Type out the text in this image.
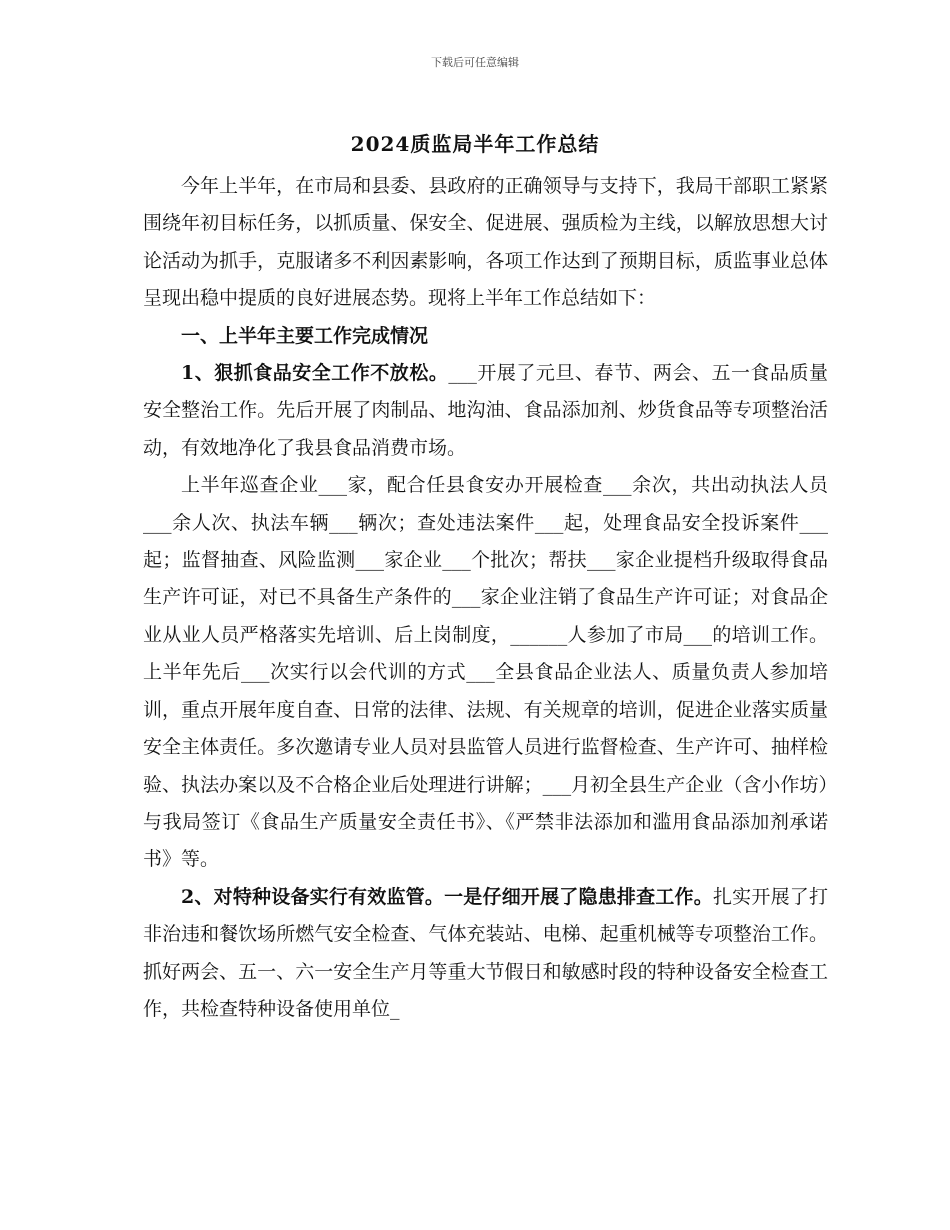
下载后可任意编辑
2024质监局半年工作总结

今年上半年，在市局和县委、县政府的正确领导与支持下，我局干部职工紧紧围绕年初目标任务，以抓质量、保安全、促进展、强质检为主线，以解放思想大讨论活动为抓手，克服诸多不利因素影响，各项工作达到了预期目标，质监事业总体呈现出稳中提质的良好进展态势。现将上半年工作总结如下：

一、上半年主要工作完成情况

1、狠抓食品安全工作不放松。___开展了元旦、春节、两会、五一食品质量安全整治工作。先后开展了肉制品、地沟油、食品添加剂、炒货食品等专项整治活动，有效地净化了我县食品消费市场。

上半年巡查企业___家，配合任县食安办开展检查___余次，共出动执法人员___余人次、执法车辆___辆次；查处违法案件___起，处理食品安全投诉案件___起；监督抽查、风险监测___家企业___个批次；帮扶___家企业提档升级取得食品生产许可证，对已不具备生产条件的___家企业注销了食品生产许可证；对食品企业从业人员严格落实先培训、后上岗制度，______人参加了市局___的培训工作。上半年先后___次实行以会代训的方式___全县食品企业法人、质量负责人参加培训，重点开展年度自查、日常的法律、法规、有关规章的培训，促进企业落实质量安全主体责任。多次邀请专业人员对县监管人员进行监督检查、生产许可、抽样检验、执法办案以及不合格企业后处理进行讲解；___月初全县生产企业（含小作坊）与我局签订《食品生产质量安全责任书》、《严禁非法添加和滥用食品添加剂承诺书》等。

2、对特种设备实行有效监管。一是仔细开展了隐患排查工作。扎实开展了打非治违和餐饮场所燃气安全检查、气体充装站、电梯、起重机械等专项整治工作。抓好两会、五一、六一安全生产月等重大节假日和敏感时段的特种设备安全检查工作，共检查特种设备使用单位_
